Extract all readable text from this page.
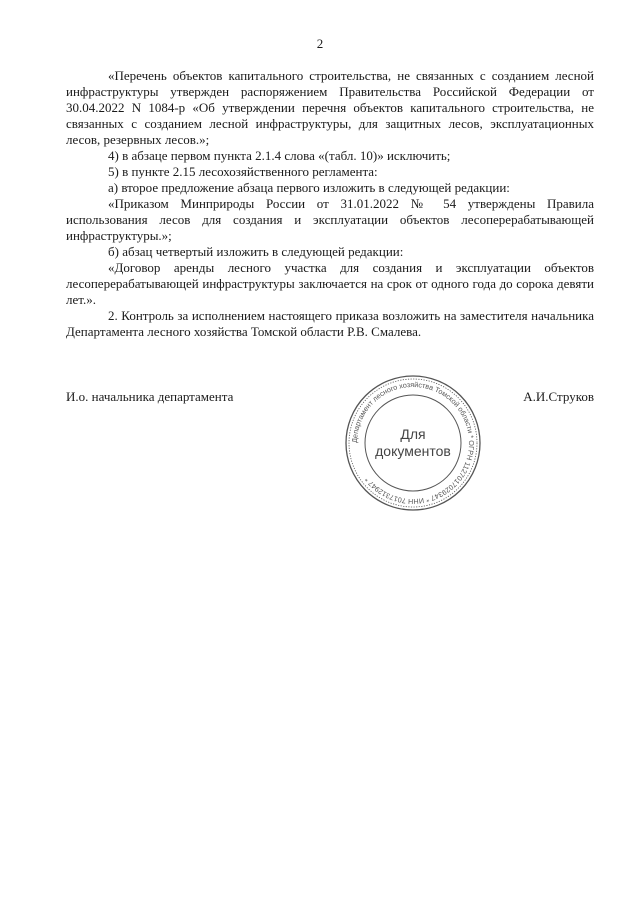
2

«Перечень объектов капитального строительства, не связанных с созданием лесной инфраструктуры утвержден распоряжением Правительства Российской Федерации от 30.04.2022 N 1084-р «Об утверждении перечня объектов капитального строительства, не связанных с созданием лесной инфраструктуры, для защитных лесов, эксплуатационных лесов, резервных лесов.»;

4) в абзаце первом пункта 2.1.4 слова «(табл. 10)» исключить;

5) в пункте 2.15 лесохозяйственного регламента:

а) второе предложение абзаца первого изложить в следующей редакции:

«Приказом Минприроды России от 31.01.2022 № 54 утверждены Правила использования лесов для создания и эксплуатации объектов лесоперерабатывающей инфраструктуры.»;

б) абзац четвертый изложить в следующей редакции:

«Договор аренды лесного участка для создания и эксплуатации объектов лесоперерабатывающей инфраструктуры заключается на срок от одного года до сорока девяти лет.».

2. Контроль за исполнением настоящего приказа возложить на заместителя начальника Департамента лесного хозяйства Томской области Р.В. Смалева.

И.о. начальника департамента	А.И.Струков
Департамент лесного хозяйства Томской области * ОГРН 1127017029347 * ИНН 7017312947 *
Для
документов
